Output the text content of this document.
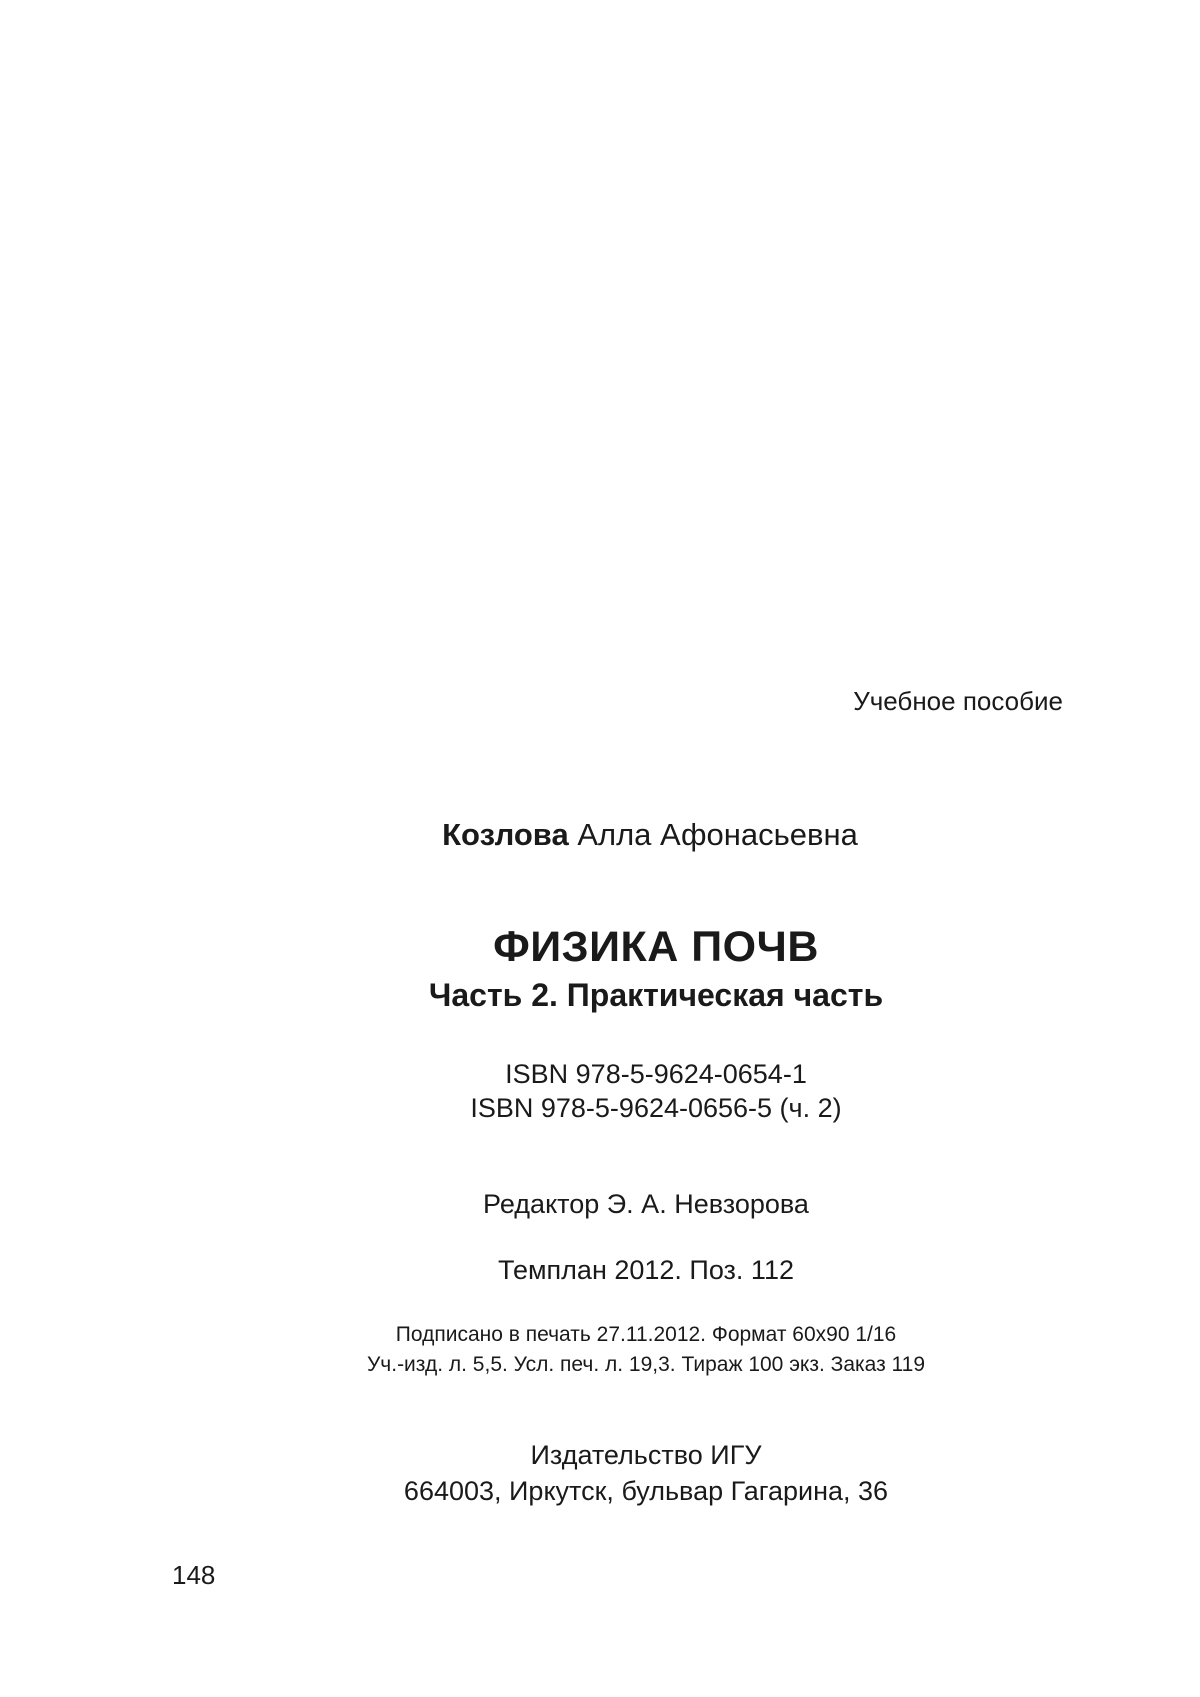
Учебное пособие
Козлова Алла Афонасьевна
ФИЗИКА ПОЧВ
Часть 2. Практическая часть
ISBN 978-5-9624-0654-1
ISBN 978-5-9624-0656-5 (ч. 2)
Редактор Э. А. Невзорова
Темплан 2012. Поз. 112
Подписано в печать 27.11.2012. Формат 60х90 1/16
Уч.-изд. л. 5,5. Усл. печ. л. 19,3. Тираж 100 экз. Заказ 119
Издательство ИГУ
664003, Иркутск, бульвар Гагарина, 36
148
